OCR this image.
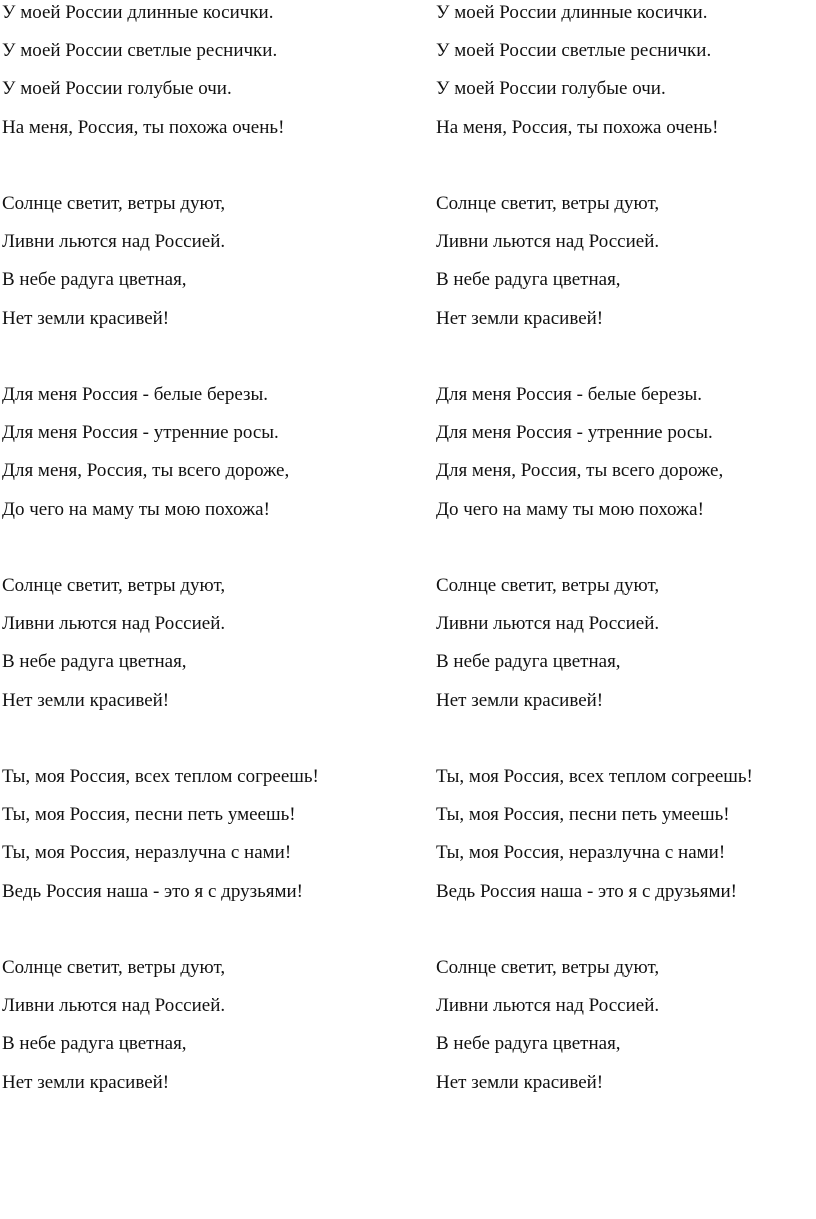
У моей России длинные косички.
У моей России светлые реснички.
У моей России голубые очи.
На меня, Россия, ты похожа очень!
Солнце светит, ветры дуют,
Ливни льются над Россией.
В небе радуга цветная,
Нет земли красивей!
Для меня Россия - белые березы.
Для меня Россия - утренние росы.
Для меня, Россия, ты всего дороже,
До чего на маму ты мою похожа!
Солнце светит, ветры дуют,
Ливни льются над Россией.
В небе радуга цветная,
Нет земли красивей!
Ты, моя Россия, всех теплом согреешь!
Ты, моя Россия, песни петь умеешь!
Ты, моя Россия, неразлучна с нами!
Ведь Россия наша - это я с друзьями!
Солнце светит, ветры дуют,
Ливни льются над Россией.
В небе радуга цветная,
Нет земли красивей!
У моей России длинные косички.
У моей России светлые реснички.
У моей России голубые очи.
На меня, Россия, ты похожа очень!
Солнце светит, ветры дуют,
Ливни льются над Россией.
В небе радуга цветная,
Нет земли красивей!
Для меня Россия - белые березы.
Для меня Россия - утренние росы.
Для меня, Россия, ты всего дороже,
До чего на маму ты мою похожа!
Солнце светит, ветры дуют,
Ливни льются над Россией.
В небе радуга цветная,
Нет земли красивей!
Ты, моя Россия, всех теплом согреешь!
Ты, моя Россия, песни петь умеешь!
Ты, моя Россия, неразлучна с нами!
Ведь Россия наша - это я с друзьями!
Солнце светит, ветры дуют,
Ливни льются над Россией.
В небе радуга цветная,
Нет земли красивей!
